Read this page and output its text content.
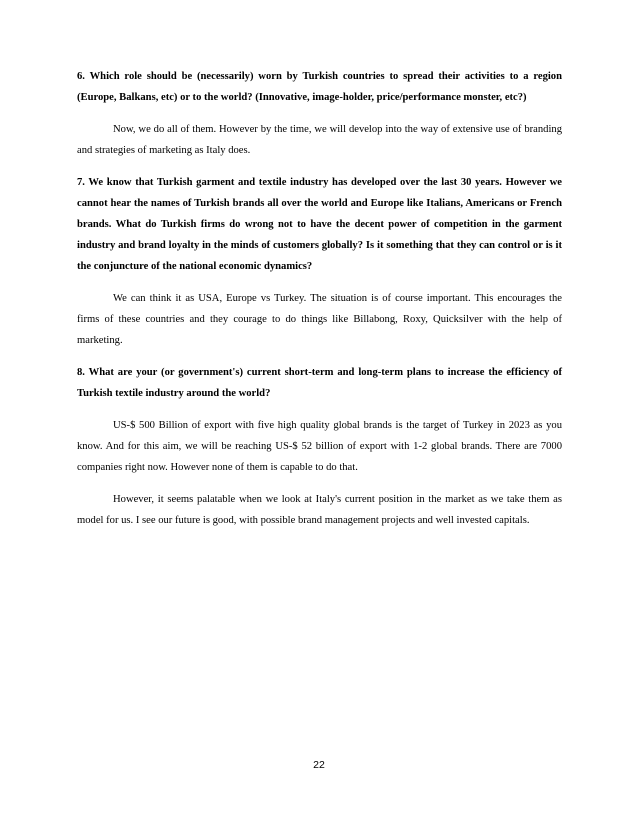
6. Which role should be (necessarily) worn by Turkish countries to spread their activities to a region (Europe, Balkans, etc) or to the world? (Innovative, image-holder, price/performance monster, etc?)

Now, we do all of them. However by the time, we will develop into the way of extensive use of branding and strategies of marketing as Italy does.

7. We know that Turkish garment and textile industry has developed over the last 30 years. However we cannot hear the names of Turkish brands all over the world and Europe like Italians, Americans or French brands. What do Turkish firms do wrong not to have the decent power of competition in the garment industry and brand loyalty in the minds of customers globally? Is it something that they can control or is it the conjuncture of the national economic dynamics?

We can think it as USA, Europe vs Turkey. The situation is of course important. This encourages the firms of these countries and they courage to do things like Billabong, Roxy, Quicksilver with the help of marketing.

8. What are your (or government's) current short-term and long-term plans to increase the efficiency of Turkish textile industry around the world?

US-$ 500 Billion of export with five high quality global brands is the target of Turkey in 2023 as you know. And for this aim, we will be reaching US-$ 52 billion of export with 1-2 global brands. There are 7000 companies right now. However none of them is capable to do that.

However, it seems palatable when we look at Italy's current position in the market as we take them as model for us. I see our future is good, with possible brand management projects and well invested capitals.

22
